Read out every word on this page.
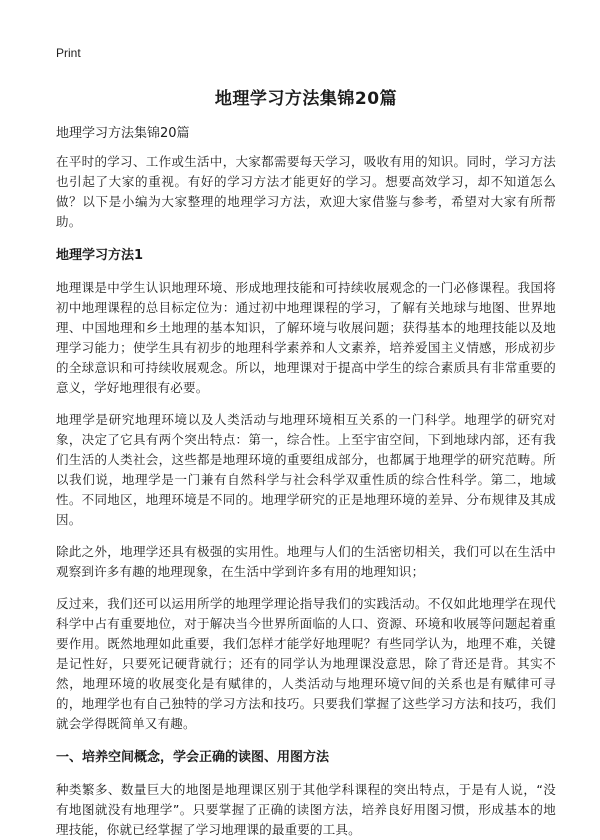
Print
地理学习方法集锦20篇
地理学习方法集锦20篇

在平时的学习、工作或生活中，大家都需要每天学习，吸收有用的知识。同时，学习方法也引起了大家的重视。有好的学习方法才能更好的学习。想要高效学习，却不知道怎么做？以下是小编为大家整理的地理学习方法，欢迎大家借鉴与参考，希望对大家有所帮助。

地理学习方法1

地理课是中学生认识地理环境、形成地理技能和可持续收展观念的一门必修课程。我国将初中地理课程的总目标定位为：通过初中地理课程的学习，了解有关地球与地图、世界地理、中国地理和乡土地理的基本知识，了解环境与收展问题；获得基本的地理技能以及地理学习能力；使学生具有初步的地理科学素养和人文素养，培养爱国主义情感，形成初步的全球意识和可持续收展观念。所以，地理课对于提高中学生的综合素质具有非常重要的意义，学好地理很有必要。

地理学是研究地理环境以及人类活动与地理环境相互关系的一门科学。地理学的研究对象，决定了它具有两个突出特点：第一，综合性。上至宇宙空间，下到地球内部，还有我们生活的人类社会，这些都是地理环境的重要组成部分，也都属于地理学的研究范畴。所以我们说，地理学是一门兼有自然科学与社会科学双重性质的综合性科学。第二，地域性。不同地区，地理环境是不同的。地理学研究的正是地理环境的差异、分布规律及其成因。

除此之外，地理学还具有极强的实用性。地理与人们的生活密切相关，我们可以在生活中观察到许多有趣的地理现象，在生活中学到许多有用的地理知识；

反过来，我们还可以运用所学的地理学理论指导我们的实践活动。不仅如此地理学在现代科学中占有重要地位，对于解决当今世界所面临的人口、资源、环境和收展等问题起着重要作用。既然地理如此重要，我们怎样才能学好地理呢？有些同学认为，地理不难，关键是记性好，只要死记硬背就行；还有的同学认为地理课没意思，除了背还是背。其实不然，地理环境的收展变化是有赋律的，人类活动与地理环境▽间的关系也是有赋律可寻的，地理学也有自己独特的学习方法和技巧。只要我们掌握了这些学习方法和技巧，我们就会学得既简单又有趣。

一、培养空间概念，学会正确的读图、用图方法

种类繁多、数量巨大的地图是地理课区别于其他学科课程的突出特点，于是有人说，“没有地图就没有地理学”。只要掌握了正确的读图方法，培养良好用图习惯，形成基本的地理技能，你就已经掌握了学习地理课的最重要的工具。
